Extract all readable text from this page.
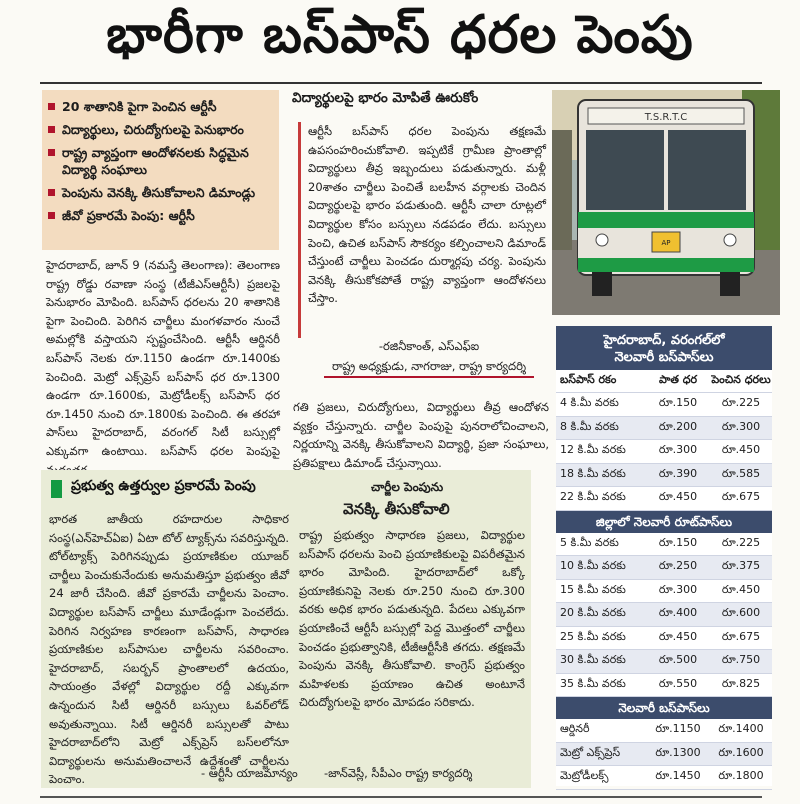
భారీగా బస్‌పాస్‌ ధరల పెంపు
20 శాతానికి పైగా పెంచిన ఆర్టీసీ
విద్యార్థులు, చిరుద్యోగులపై పెనుభారం
రాష్ట్ర వ్యాప్తంగా ఆందోళనలకు సిద్ధమైన విద్యార్థి సంఘాలు
పెంపును వెనక్కి తీసుకోవాలని డిమాండ్లు
జీవో ప్రకారమే పెంపు: ఆర్టీసీ
హైదరాబాద్‌, జూన్‌ 9 (నమస్తే తెలంగాణ): తెలంగాణ రాష్ట్ర రోడ్డు రవాణా సంస్థ (టీజీఎస్‌ఆర్టీసీ) ప్రజలపై పెనుభారం మోపింది. బస్‌పాస్‌ ధరలను 20 శాతానికి పైగా పెంచింది. పెరిగిన చార్జీలు మంగళవారం నుంచే అమల్లోకి వస్తాయని స్పష్టంచేసింది. ఆర్టీసీ ఆర్డినరీ బస్‌పాస్‌ నెలకు రూ.1150 ఉండగా రూ.1400కు పెంచింది. మెట్రో ఎక్స్‌ప్రెస్‌ బస్‌పాస్‌ ధర రూ.1300 ఉండగా రూ.1600కు, మెట్రోడీలక్స్‌ బస్‌పాస్‌ ధర రూ.1450 నుంచి రూ.1800కు పెంచింది. ఈ తరహా పాస్‌లు హైదరాబాద్‌, వరంగల్‌ సిటీ బస్సుల్లో ఎక్కువగా ఉంటాయి. బస్‌పాస్‌ ధరల పెంపుపై
విద్యార్థులపై భారం మోపితే ఊరుకోం
ఆర్టీసీ బస్‌పాస్‌ ధరల పెంపును తక్షణమే ఉపసంహరించుకోవాలి. ఇప్పటికే గ్రామీణ ప్రాంతాల్లో విద్యార్థులు తీవ్ర ఇబ్బందులు పడుతున్నారు. మళ్లీ 20శాతం చార్జీలు పెంచితే బలహీన వర్గాలకు చెందిన విద్యార్థులపై భారం పడుతుంది. ఆర్టీసీ చాలా రూట్లలో విద్యార్థుల కోసం బస్సులు నడపడం లేదు. బస్సులు పెంచి, ఉచిత బస్‌పాస్‌ సౌకర్యం కల్పించాలని డిమాండ్‌ చేస్తుంటే చార్జీలు పెంచడం దుర్మార్గపు చర్య. పెంపును వెనక్కి తీసుకోకపోతే రాష్ట్ర వ్యాప్తంగా ఆందోళనలు చేస్తాం.
-రజినీకాంత్‌, ఎస్‌ఎఫ్‌ఐ
రాష్ట్ర అధ్యక్షుడు, నాగరాజు, రాష్ట్ర కార్యదర్శి
గతి ప్రజలు, చిరుద్యోగులు, విద్యార్థులు తీవ్ర ఆందోళన వ్యక్తం చేస్తున్నారు. చార్జీల పెంపుపై పునరాలోచించాలని, నిర్ణయాన్ని వెనక్కి తీసుకోవాలని విద్యార్థి, ప్రజా సంఘాలు, ప్రతిపక్షాలు డిమాండ్‌ చేస్తున్నాయి.
T.S.R.T.C
AP
ప్రభుత్వ ఉత్తర్వుల ప్రకారమే పెంపు
భారత జాతీయ రహదారుల సాధికార సంస్థ(ఎన్‌హెచ్‌ఏఐ) ఏటా టోల్‌ ట్యాక్స్‌ను సవరిస్తున్నది. టోల్‌ట్యాక్స్‌ పెరిగినప్పుడు ప్రయాణికుల యూజర్‌ చార్జీలు పెంచుకునేందుకు అనుమతిస్తూ ప్రభుత్వం జీవో 24 జారీ చేసింది. జీవో ప్రకారమే చార్జీలను పెంచాం. విద్యార్థుల బస్‌పాస్‌ చార్జీలు మూడేండ్లుగా పెంచలేదు. పెరిగిన నిర్వహణ కారణంగా బస్‌పాస్‌, సాధారణ ప్రయాణికుల బస్‌పాసుల చార్జీలను సవరించాం. హైదరాబాద్‌, సబర్బన్‌ ప్రాంతాలలో ఉదయం, సాయంత్రం వేళల్లో విద్యార్థుల రద్దీ ఎక్కువగా ఉన్నందున సిటీ ఆర్డినరీ బస్సులు ఓవర్‌లోడ్‌ అవుతున్నాయి. సిటీ ఆర్డినరీ బస్సులతో పాటు హైదరాబాద్‌లోని మెట్రో ఎక్స్‌ప్రెస్‌ బస్‌లలోనూ విద్యార్థులను అనుమతించాలనే ఉద్దేశంతో చార్జీలను పెంచాం.	- ఆర్టీసీ యాజమాన్యం
చార్జీల పెంపును
వెనక్కి తీసుకోవాలి
రాష్ట్ర ప్రభుత్వం సాధారణ ప్రజలు, విద్యార్థుల బస్‌పాస్‌ ధరలను పెంచి ప్రయాణికులపై విపరీతమైన భారం మోపింది. హైదరాబాద్‌లో ఒక్కో ప్రయాణికునిపై నెలకు రూ.250 నుంచి రూ.300 వరకు అధిక భారం పడుతున్నది. పేదలు ఎక్కువగా ప్రయాణించే ఆర్టీసీ బస్సుల్లో పెద్ద మొత్తంలో చార్జీలు పెంచడం ప్రభుత్వానికి, టీజీఆర్టీసీకి తగదు. తక్షణమే పెంపును వెనక్కి తీసుకోవాలి. కాంగ్రెస్‌ ప్రభుత్వం మహిళలకు ప్రయాణం ఉచిత అంటూనే చిరుద్యోగులపై భారం మోపడం సరికాదు.
-జాన్‌వెస్లీ, సీపీఎం రాష్ట్ర కార్యదర్శి
హైదరాబాద్‌, వరంగల్‌లో
నెలవారీ బస్‌పాస్‌లు
బస్‌పాస్‌ రకం	పాత ధర	పెంచిన ధరలు
4 కి.మీ వరకు	రూ.150	రూ.225
8 కి.మీ వరకు	రూ.200	రూ.300
12 కి.మీ వరకు	రూ.300	రూ.450
18 కి.మీ వరకు	రూ.390	రూ.585
22 కి.మీ వరకు	రూ.450	రూ.675
జిల్లాలో నెలవారీ రూట్‌పాస్‌లు
5 కి.మీ వరకు	రూ.150	రూ.225
10 కి.మీ వరకు	రూ.250	రూ.375
15 కి.మీ వరకు	రూ.300	రూ.450
20 కి.మీ వరకు	రూ.400	రూ.600
25 కి.మీ వరకు	రూ.450	రూ.675
30 కి.మీ వరకు	రూ.500	రూ.750
35 కి.మీ వరకు	రూ.550	రూ.825
నెలవారీ బస్‌పాస్‌లు
ఆర్డినరీ	రూ.1150	రూ.1400
మెట్రో ఎక్స్‌ప్రెస్‌	రూ.1300	రూ.1600
మెట్రోడీలక్స్‌	రూ.1450	రూ.1800
